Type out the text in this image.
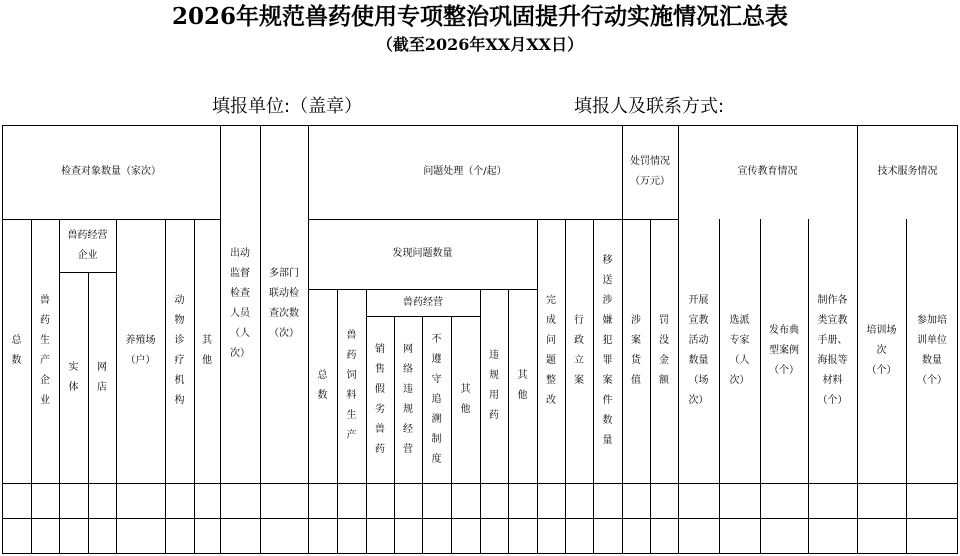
2026年规范兽药使用专项整治巩固提升行动实施情况汇总表
（截至2026年XX月XX日）
填报单位:（盖章）	填报人及联系方式:
检查对象数量（家次）
出动监督检查人员（人次）
多部门联动检查次数（次）
问题处理（个/起）
处罚情况（万元）
宣传教育情况	技术服务情况
总数
兽药生产企业
兽药经营企业
实体
网店
养殖场（户）
动物诊疗机构
其他
发现问题数量
总数
兽药饲料生产
兽药经营
销售假劣兽药
网络违规经营
不遵守追溯制度
其他
违规用药
其他
完成问题整改
行政立案
移送涉嫌犯罪案件数量
涉案货值
罚没金额
开展宣教活动数量（场次）
选派专家（人次）
发布典型案例（个）
制作各类宣教手册、海报等材料（个）
培训场次（个）
参加培训单位数量（个）
